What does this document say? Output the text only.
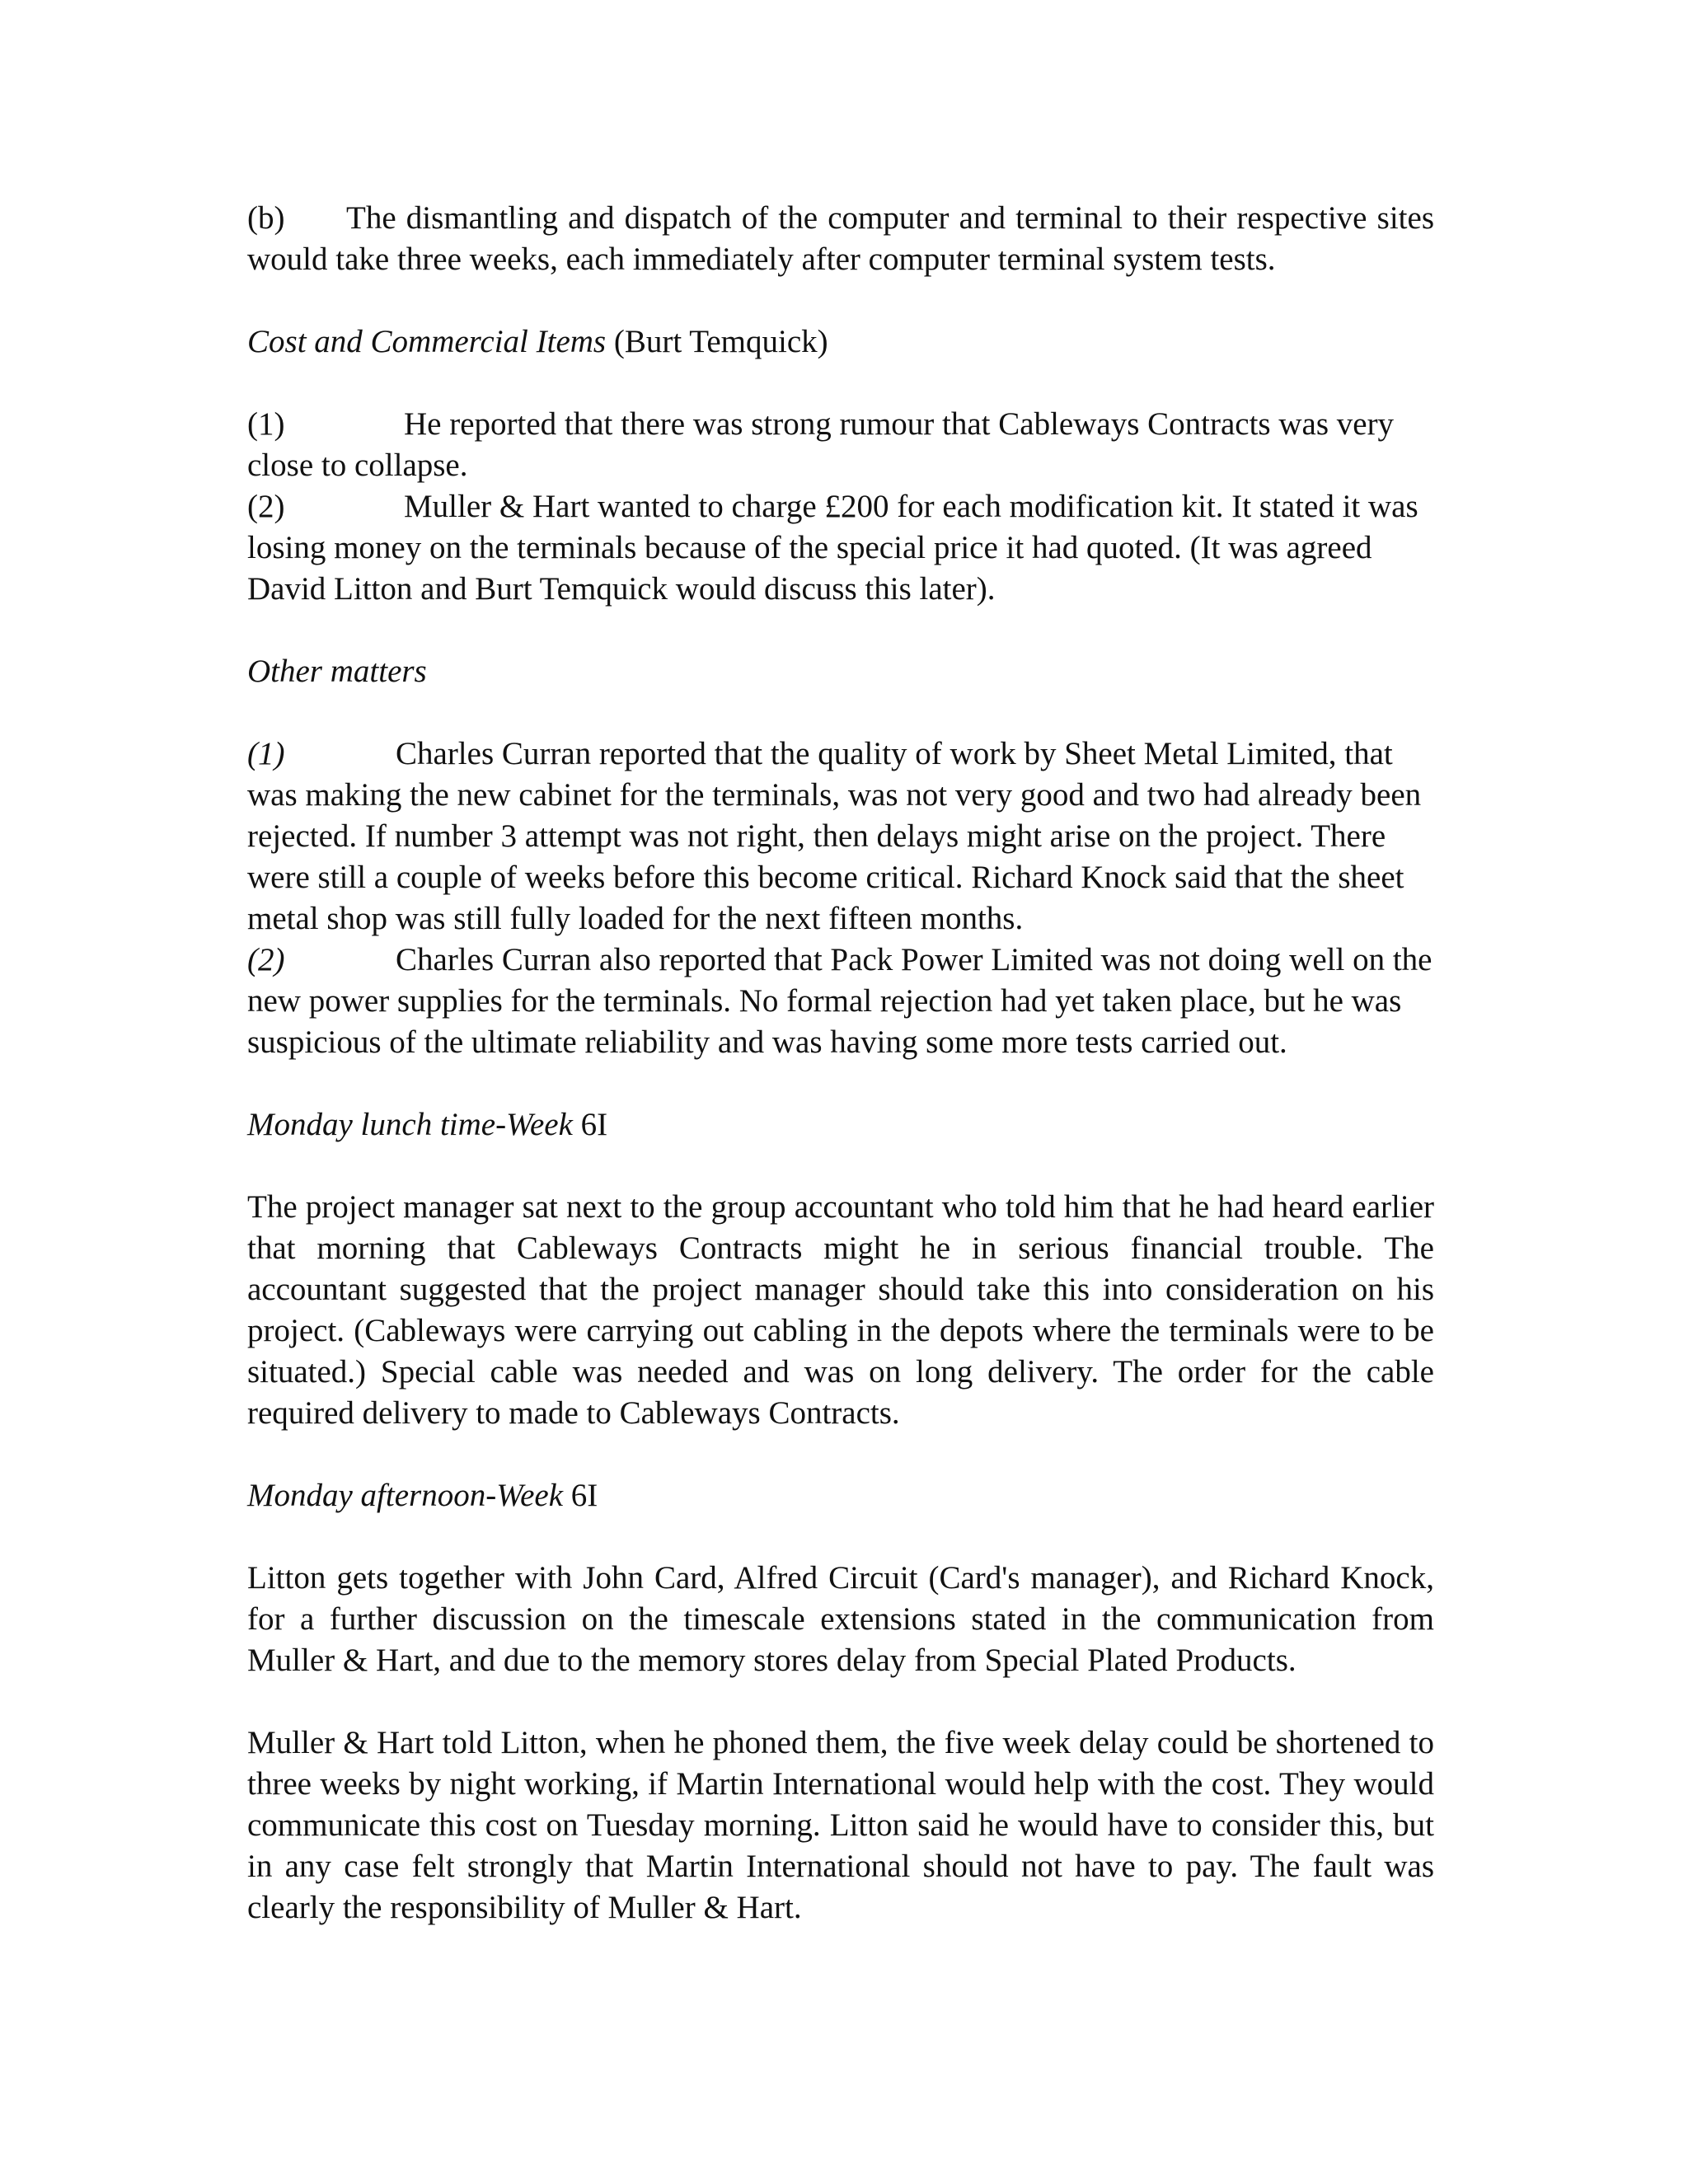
(b) The dismantling and dispatch of the computer and terminal to their respective sites would take three weeks, each immediately after computer terminal system tests.

Cost and Commercial Items (Burt Temquick)

(1)	He reported that there was strong rumour that Cableways Contracts was very close to collapse.

(2)	Muller & Hart wanted to charge £200 for each modification kit. It stated it was losing money on the terminals because of the special price it had quoted. (It was agreed David Litton and Burt Temquick would discuss this later).

Other matters

(1)	Charles Curran reported that the quality of work by Sheet Metal Limited, that was making the new cabinet for the terminals, was not very good and two had already been rejected. If number 3 attempt was not right, then delays might arise on the project. There were still a couple of weeks before this become critical. Richard Knock said that the sheet metal shop was still fully loaded for the next fifteen months.

(2)	Charles Curran also reported that Pack Power Limited was not doing well on the new power supplies for the terminals. No formal rejection had yet taken place, but he was suspicious of the ultimate reliability and was having some more tests carried out.

Monday lunch time-Week 6I

The project manager sat next to the group accountant who told him that he had heard earlier that morning that Cableways Contracts might he in serious financial trouble. The accountant suggested that the project manager should take this into consideration on his project. (Cableways were carrying out cabling in the depots where the terminals were to be situated.) Special cable was needed and was on long delivery. The order for the cable required delivery to made to Cableways Contracts.

Monday afternoon-Week 6I

Litton gets together with John Card, Alfred Circuit (Card's manager), and Richard Knock, for a further discussion on the timescale extensions stated in the communication from Muller & Hart, and due to the memory stores delay from Special Plated Products.

Muller & Hart told Litton, when he phoned them, the five week delay could be shortened to three weeks by night working, if Martin International would help with the cost. They would communicate this cost on Tuesday morning. Litton said he would have to consider this, but in any case felt strongly that Martin International should not have to pay. The fault was clearly the responsibility of Muller & Hart.
